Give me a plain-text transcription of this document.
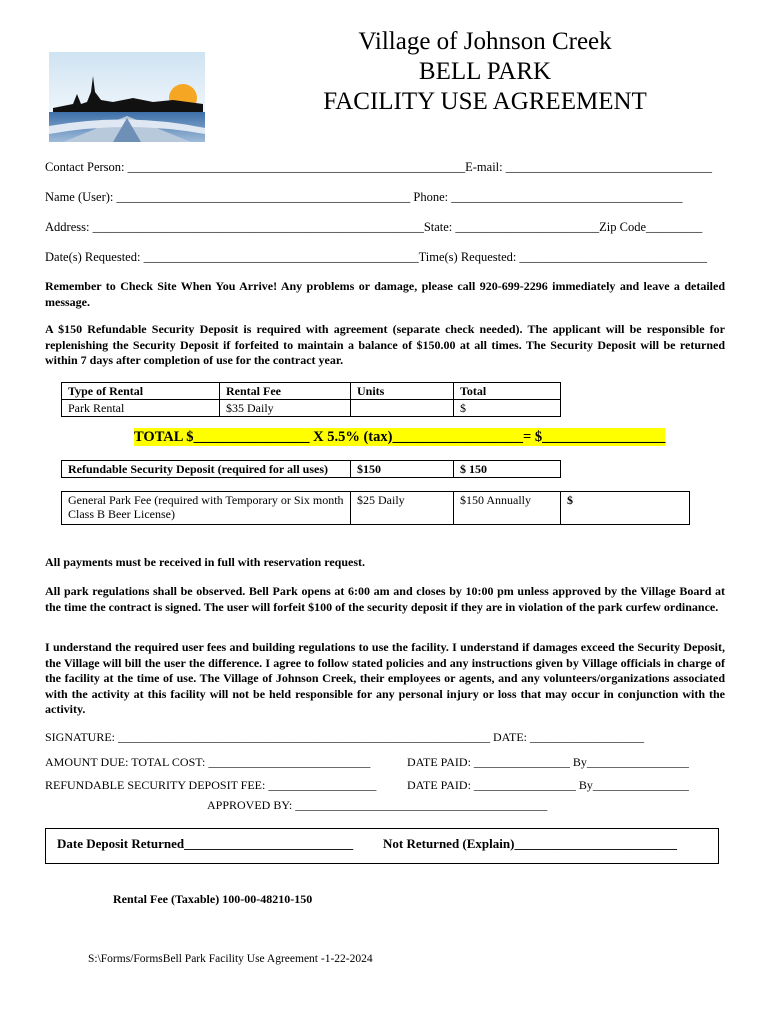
Village of Johnson Creek
BELL PARK
FACILITY USE AGREEMENT
Contact Person: ______________________________________________________E-mail: _________________________________
Name (User): _______________________________________________ Phone: _____________________________________
Address: _____________________________________________________State: _______________________Zip Code_________
Date(s) Requested: ____________________________________________Time(s) Requested: ______________________________
Remember to Check Site When You Arrive! Any problems or damage, please call 920-699-2296 immediately and leave a detailed message.
A $150 Refundable Security Deposit is required with agreement (separate check needed). The applicant will be responsible for replenishing the Security Deposit if forfeited to maintain a balance of $150.00 at all times. The Security Deposit will be returned within 7 days after completion of use for the contract year.
Type of Rental	Rental Fee	Units	Total
Park Rental	$35 Daily		$
TOTAL $________________ X 5.5% (tax)__________________= $_________________
Refundable Security Deposit (required for all uses)	$150	$ 150
General Park Fee (required with Temporary or Six month Class B Beer License)	$25 Daily	$150 Annually	$
All payments must be received in full with reservation request.
All park regulations shall be observed. Bell Park opens at 6:00 am and closes by 10:00 pm unless approved by the Village Board at the time the contract is signed. The user will forfeit $100 of the security deposit if they are in violation of the park curfew ordinance.
I understand the required user fees and building regulations to use the facility. I understand if damages exceed the Security Deposit, the Village will bill the user the difference. I agree to follow stated policies and any instructions given by Village officials in charge of the facility at the time of use. The Village of Johnson Creek, their employees or agents, and any volunteers/organizations associated with the activity at this facility will not be held responsible for any personal injury or loss that may occur in conjunction with the activity.
SIGNATURE: ______________________________________________________________ DATE: ___________________
AMOUNT DUE: TOTAL COST: ___________________________	DATE PAID: ________________ By_________________
REFUNDABLE SECURITY DEPOSIT FEE: __________________	DATE PAID: _________________ By________________
APPROVED BY: __________________________________________
Date Deposit Returned__________________________ Not Returned (Explain)_________________________
Rental Fee (Taxable) 100-00-48210-150
S:\Forms/FormsBell Park Facility Use Agreement -1-22-2024
